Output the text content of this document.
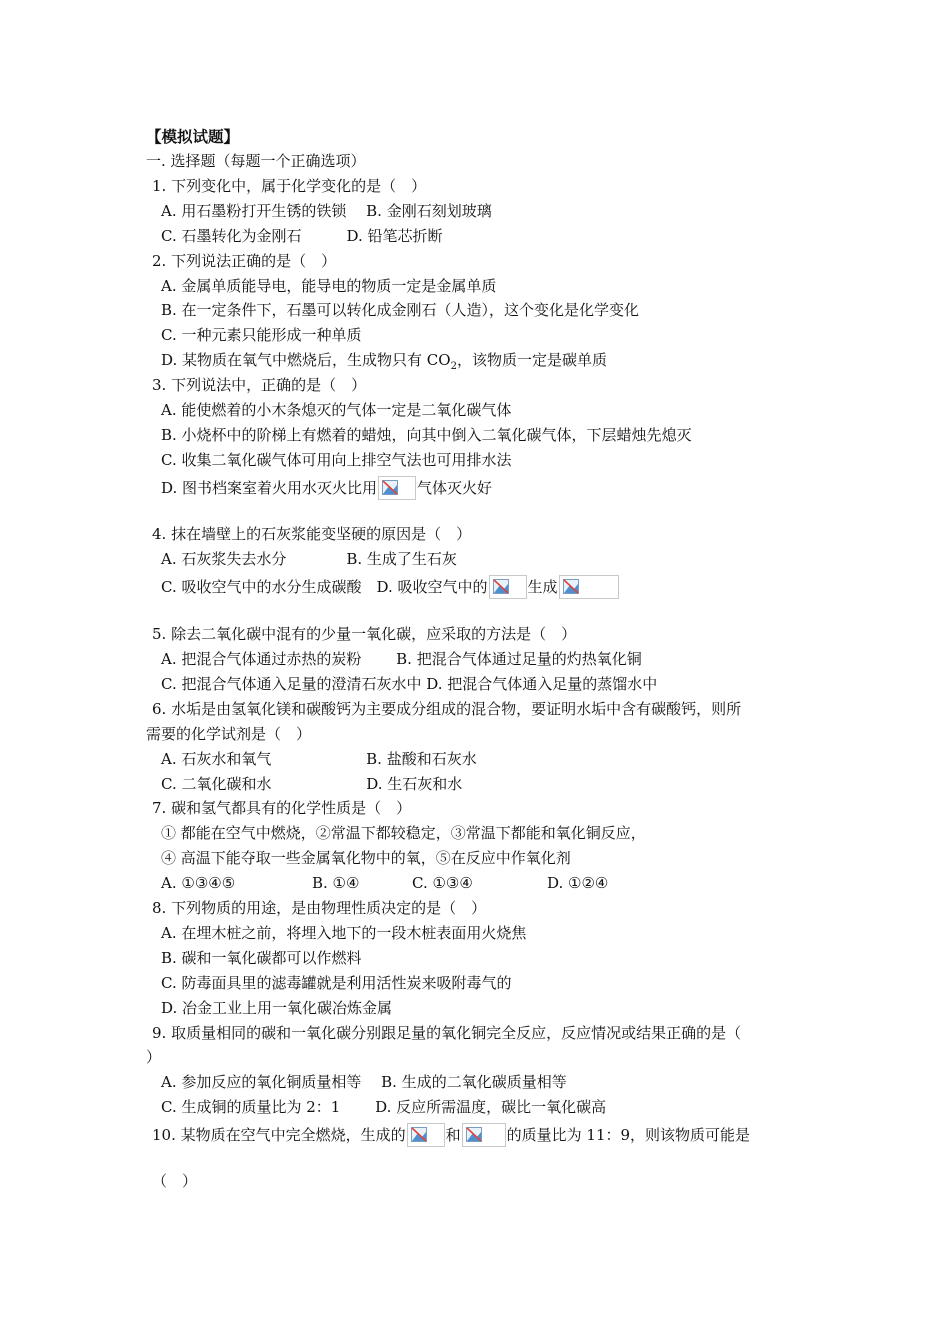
【模拟试题】
一. 选择题（每题一个正确选项）
1. 下列变化中，属于化学变化的是（　）
A. 用石墨粉打开生锈的铁锁　 B. 金刚石刻划玻璃
C. 石墨转化为金刚石　　　D. 铅笔芯折断
2. 下列说法正确的是（　）
A. 金属单质能导电，能导电的物质一定是金属单质
B. 在一定条件下，石墨可以转化成金刚石（人造），这个变化是化学变化
C. 一种元素只能形成一种单质
D. 某物质在氧气中燃烧后，生成物只有 $CO_2$，该物质一定是碳单质
3. 下列说法中，正确的是（　）
A. 能使燃着的小木条熄灭的气体一定是二氧化碳气体
B. 小烧杯中的阶梯上有燃着的蜡烛，向其中倒入二氧化碳气体，下层蜡烛先熄灭
C. 收集二氧化碳气体可用向上排空气法也可用排水法
D. 图书档案室着火用水灭火比用	气体灭火好
4. 抹在墙壁上的石灰浆能变坚硬的原因是（　）
A. 石灰浆失去水分　　　　B. 生成了生石灰
C. 吸收空气中的水分生成碳酸　D. 吸收空气中的	生成
5. 除去二氧化碳中混有的少量一氧化碳，应采取的方法是（　）
A. 把混合气体通过赤热的炭粉　　 B. 把混合气体通过足量的灼热氧化铜
C. 把混合气体通入足量的澄清石灰水中 D. 把混合气体通入足量的蒸馏水中
6. 水垢是由氢氧化镁和碳酸钙为主要成分组成的混合物，要证明水垢中含有碳酸钙，则所
需要的化学试剂是（　）
A. 石灰水和氧气　　　　　　 B. 盐酸和石灰水
C. 二氧化碳和水　　　　　　 D. 生石灰和水
7. 碳和氢气都具有的化学性质是（　）
① 都能在空气中燃烧，②常温下都较稳定，③常温下都能和氧化铜反应，
④ 高温下能夺取一些金属氧化物中的氧，⑤在反应中作氧化剂
A. ①③④⑤	B. ①④	C. ①③④	D. ①②④
8. 下列物质的用途，是由物理性质决定的是（　）
A. 在埋木桩之前，将埋入地下的一段木桩表面用火烧焦
B. 碳和一氧化碳都可以作燃料
C. 防毒面具里的滤毒罐就是利用活性炭来吸附毒气的
D. 冶金工业上用一氧化碳冶炼金属
9. 取质量相同的碳和一氧化碳分别跟足量的氧化铜完全反应，反应情况或结果正确的是（
）
A. 参加反应的氧化铜质量相等　 B. 生成的二氧化碳质量相等
C. 生成铜的质量比为 2：1　　 D. 反应所需温度，碳比一氧化碳高
10. 某物质在空气中完全燃烧，生成的	和	的质量比为 11：9，则该物质可能是
（　）
